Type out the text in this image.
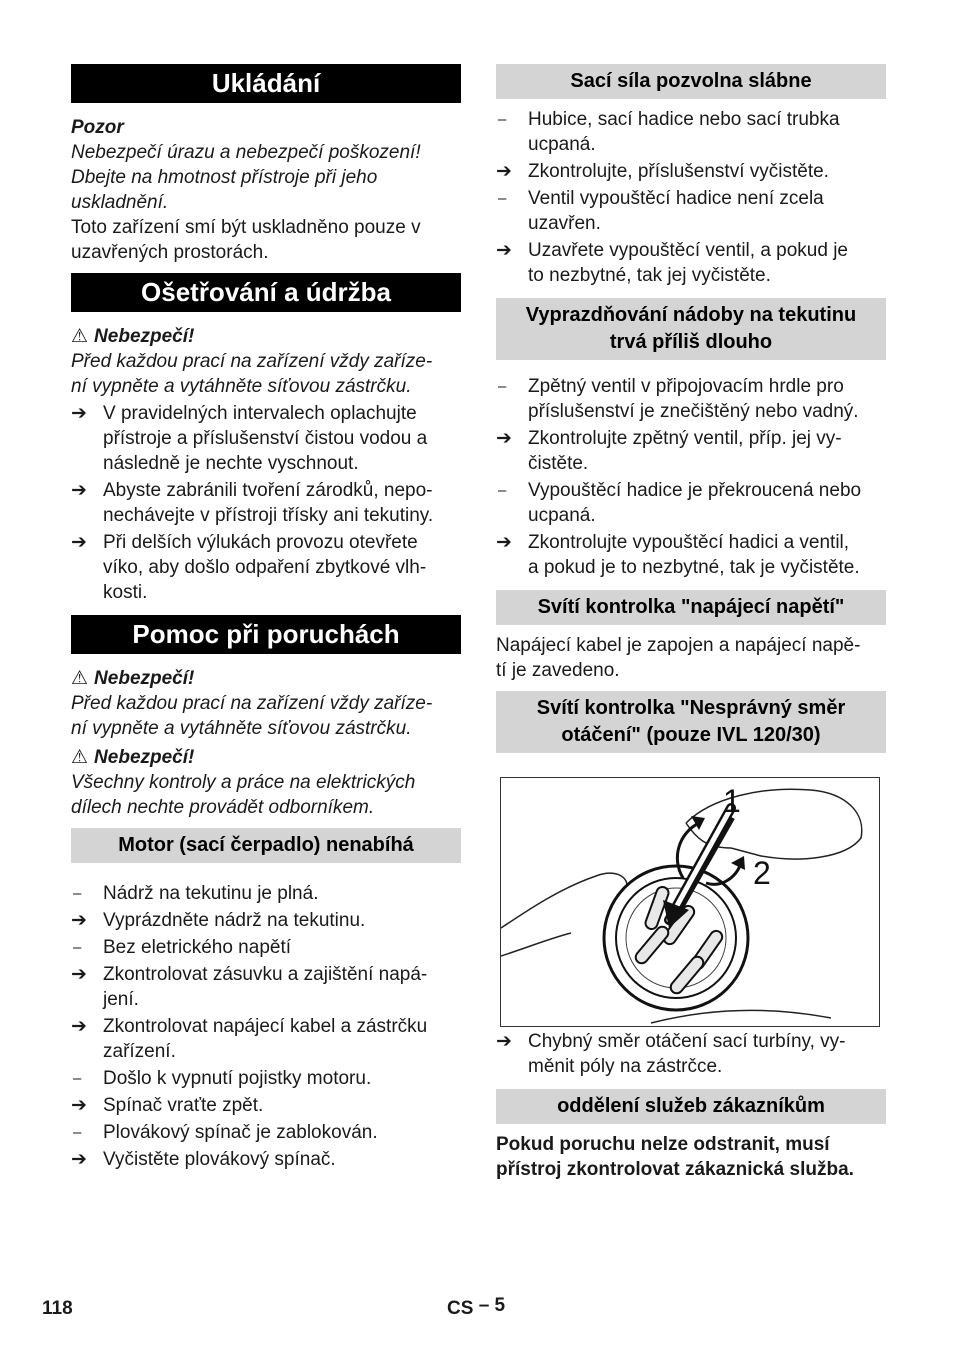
Ukládání
Pozor
Nebezpečí úrazu a nebezpečí poškození!
Dbejte na hmotnost přístroje při jeho
uskladnění.
Toto zařízení smí být uskladněno pouze v
uzavřených prostorách.
Ošetřování a údržba
⚠ Nebezpečí!
Před každou prací na zařízení vždy zaříze-
ní vypněte a vytáhněte síťovou zástrčku.
➔ V pravidelných intervalech oplachujte
přístroje a příslušenství čistou vodou a
následně je nechte vyschnout.
➔ Abyste zabránili tvoření zárodků, nepo-
nechávejte v přístroji třísky ani tekutiny.
➔ Při delších výlukách provozu otevřete
víko, aby došlo odpaření zbytkové vlh-
kosti.
Pomoc při poruchách
⚠ Nebezpečí!
Před každou prací na zařízení vždy zaříze-
ní vypněte a vytáhněte síťovou zástrčku.
⚠ Nebezpečí!
Všechny kontroly a práce na elektrických
dílech nechte provádět odborníkem.
Motor (sací čerpadlo) nenabíhá
–	Nádrž na tekutinu je plná.
➔ Vyprázdněte nádrž na tekutinu.
–	Bez eletrického napětí
➔ Zkontrolovat zásuvku a zajištění napá-
jení.
➔ Zkontrolovat napájecí kabel a zástrčku
zařízení.
–	Došlo k vypnutí pojistky motoru.
➔ Spínač vraťte zpět.
–	Plovákový spínač je zablokován.
➔ Vyčistěte plovákový spínač.
Sací síla pozvolna slábne
–	Hubice, sací hadice nebo sací trubka
ucpaná.
➔ Zkontrolujte, příslušenství vyčistěte.
–	Ventil vypouštěcí hadice není zcela
uzavřen.
➔ Uzavřete vypouštěcí ventil, a pokud je
to nezbytné, tak jej vyčistěte.
Vyprazdňování nádoby na tekutinu
trvá příliš dlouho
–	Zpětný ventil v připojovacím hrdle pro
příslušenství je znečištěný nebo vadný.
➔ Zkontrolujte zpětný ventil, příp. jej vy-
čistěte.
–	Vypouštěcí hadice je překroucená nebo
ucpaná.
➔ Zkontrolujte vypouštěcí hadici a ventil,
a pokud je to nezbytné, tak je vyčistěte.
Svítí kontrolka "napájecí napětí"
Napájecí kabel je zapojen a napájecí napě-
tí je zavedeno.
Svítí kontrolka "Nesprávný směr
otáčení" (pouze IVL 120/30)
1
2
➔ Chybný směr otáčení sací turbíny, vy-
měnit póly na zástrčce.
oddělení služeb zákazníkům
Pokud poruchu nelze odstranit, musí
přístroj zkontrolovat zákaznická služba.
118	CS – 5
